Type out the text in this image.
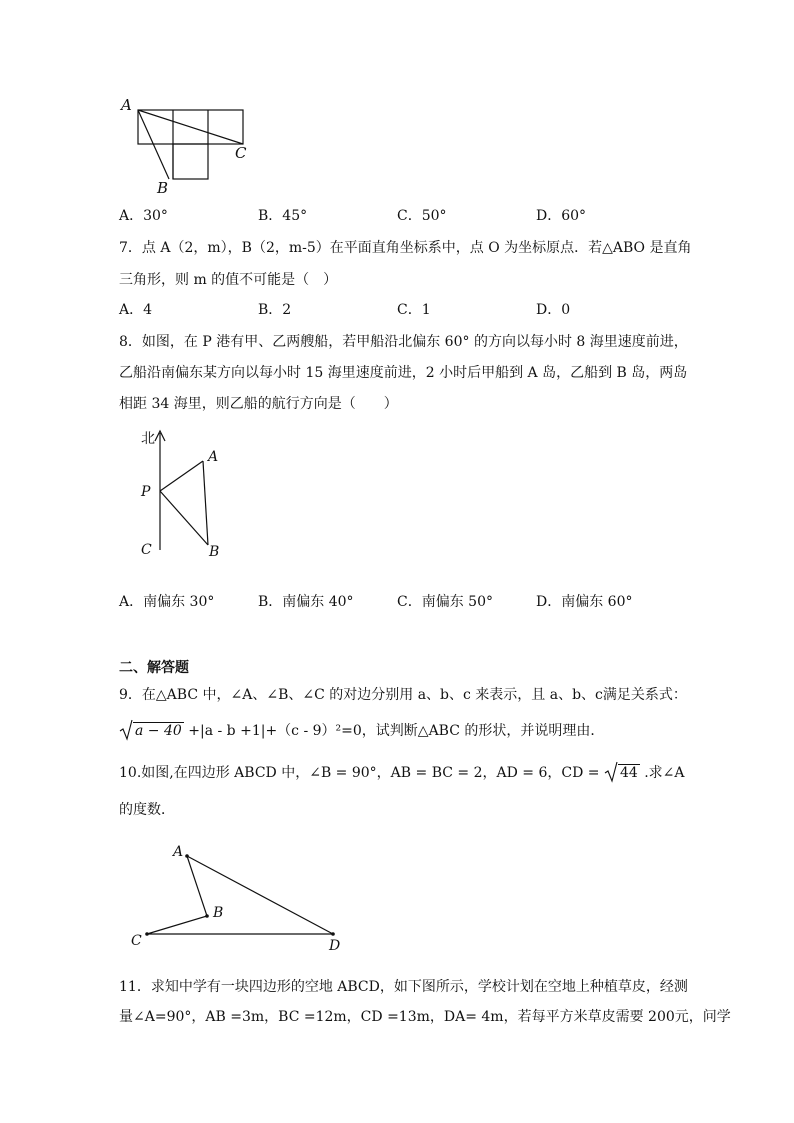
A
C
B
A．30°	B．45°	C．50°	D．60°
7．点 A（2，m），B（2，m-5）在平面直角坐标系中，点 O 为坐标原点．若△ABO 是直角
三角形，则 m 的值不可能是（　）
A．4	B．2	C．1	D．0
8．如图，在 P 港有甲、乙两艘船，若甲船沿北偏东 60° 的方向以每小时 8 海里速度前进，
乙船沿南偏东某方向以每小时 15 海里速度前进，2 小时后甲船到 A 岛，乙船到 B 岛，两岛
相距 34 海里，则乙船的航行方向是（　　）
北
A
P
C	B
A．南偏东 30°	B．南偏东 40°	C．南偏东 50°	D．南偏东 60°
二、解答题
9．在△ABC 中，∠A、∠B、∠C 的对边分别用 a、b、c 来表示，且 a、b、c满足关系式：
a − 40 +|a - b +1|+（c - 9）²=0，试判断△ABC 的形状，并说明理由．
10.如图,在四边形 ABCD 中，∠B = 90°，AB = BC = 2，AD = 6，CD = 44 .求∠A
的度数．
A
B
C	D
11．求知中学有一块四边形的空地 ABCD，如下图所示，学校计划在空地上种植草皮，经测
量∠A=90°，AB =3m，BC =12m，CD =13m，DA= 4m，若每平方米草皮需要 200元，问学
